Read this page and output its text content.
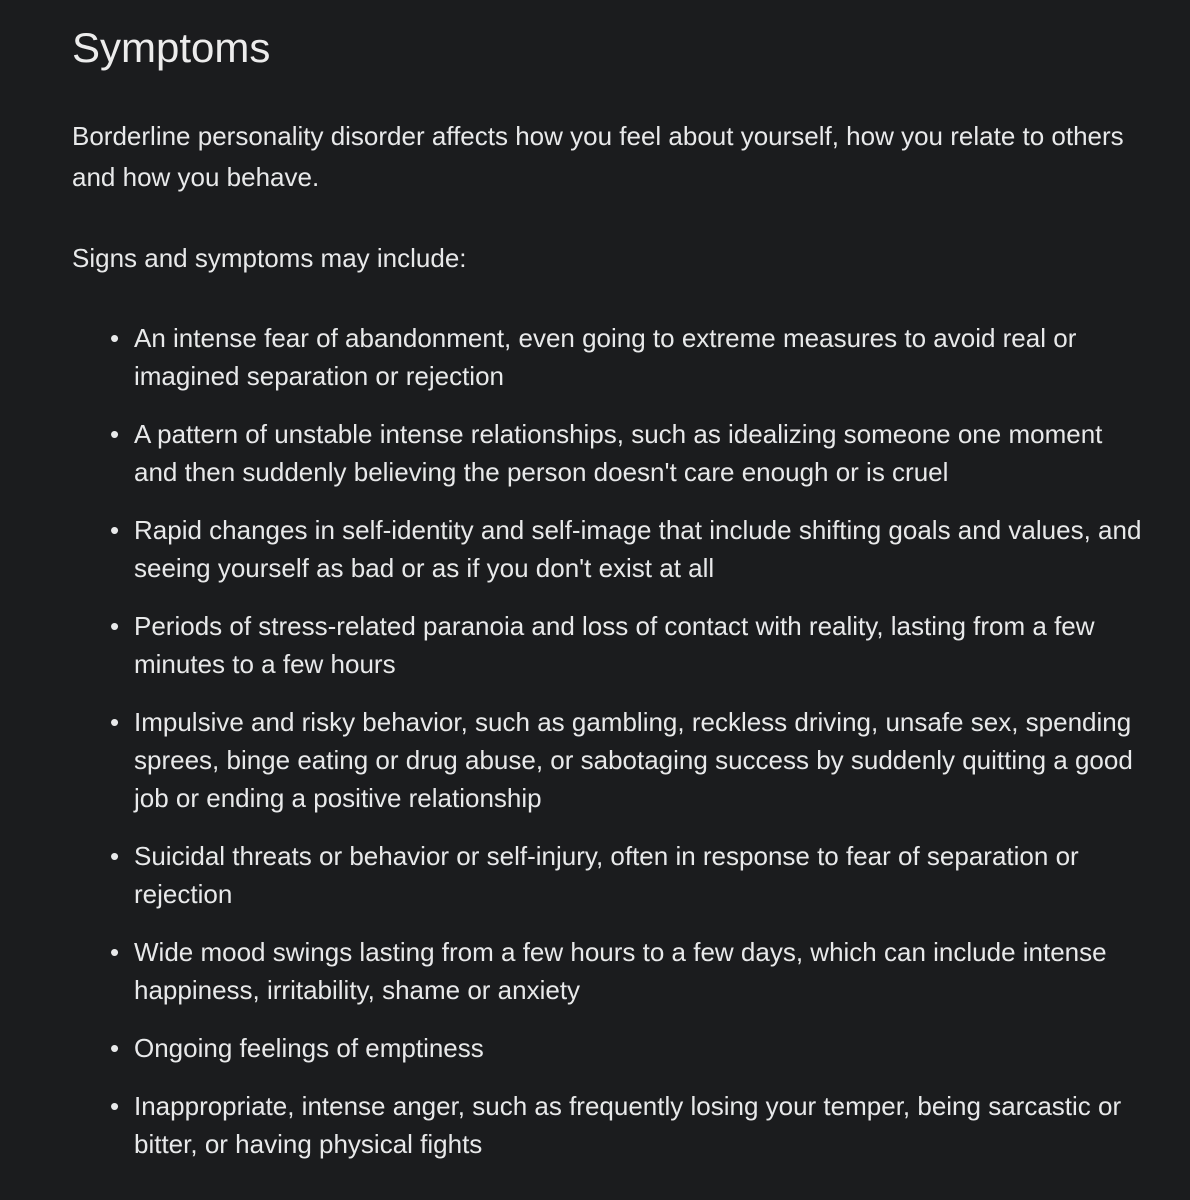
Symptoms

Borderline personality disorder affects how you feel about yourself, how you relate to others and how you behave.

Signs and symptoms may include:

• An intense fear of abandonment, even going to extreme measures to avoid real or imagined separation or rejection
• A pattern of unstable intense relationships, such as idealizing someone one moment and then suddenly believing the person doesn't care enough or is cruel
• Rapid changes in self-identity and self-image that include shifting goals and values, and seeing yourself as bad or as if you don't exist at all
• Periods of stress-related paranoia and loss of contact with reality, lasting from a few minutes to a few hours
• Impulsive and risky behavior, such as gambling, reckless driving, unsafe sex, spending sprees, binge eating or drug abuse, or sabotaging success by suddenly quitting a good job or ending a positive relationship
• Suicidal threats or behavior or self-injury, often in response to fear of separation or rejection
• Wide mood swings lasting from a few hours to a few days, which can include intense happiness, irritability, shame or anxiety
• Ongoing feelings of emptiness
• Inappropriate, intense anger, such as frequently losing your temper, being sarcastic or bitter, or having physical fights
